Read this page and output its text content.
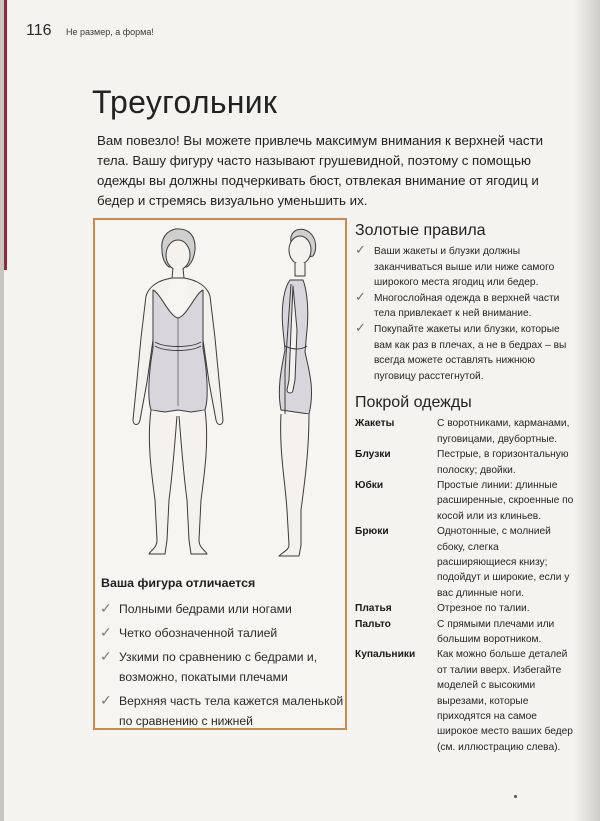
116 Не размер, а форма!
Треугольник

Вам повезло! Вы можете привлечь максимум внимания к верхней части тела. Вашу фигуру часто называют грушевидной, поэтому с помощью одежды вы должны подчеркивать бюст, отвлекая внимание от ягодиц и бедер и стремясь визуально уменьшить их.

Ваша фигура отличается
✓ Полными бедрами или ногами
✓ Четко обозначенной талией
✓ Узкими по сравнению с бедрами и, возможно, покатыми плечами
✓ Верхняя часть тела кажется маленькой по сравнению с нижней
Золотые правила
✓ Ваши жакеты и блузки должны заканчиваться выше или ниже самого широкого места ягодиц или бедер.
✓ Многослойная одежда в верхней части тела привлекает к ней внимание.
✓ Покупайте жакеты или блузки, которые вам как раз в плечах, а не в бедрах – вы всегда можете оставлять нижнюю пуговицу расстегнутой.
Покрой одежды
Жакеты	С воротниками, карманами, пуговицами, двубортные.
Блузки	Пестрые, в горизонтальную полоску; двойки.
Юбки	Простые линии: длинные расширенные, скроенные по косой или из клиньев.
Брюки	Однотонные, с молнией сбоку, слегка расширяющиеся книзу; подойдут и широкие, если у вас длинные ноги.
Платья	Отрезное по талии.
Пальто	С прямыми плечами или большим воротником.
Купальники	Как можно больше деталей от талии вверх. Избегайте моделей с высокими вырезами, которые приходятся на самое широкое место ваших бедер (см. иллюстрацию слева).
